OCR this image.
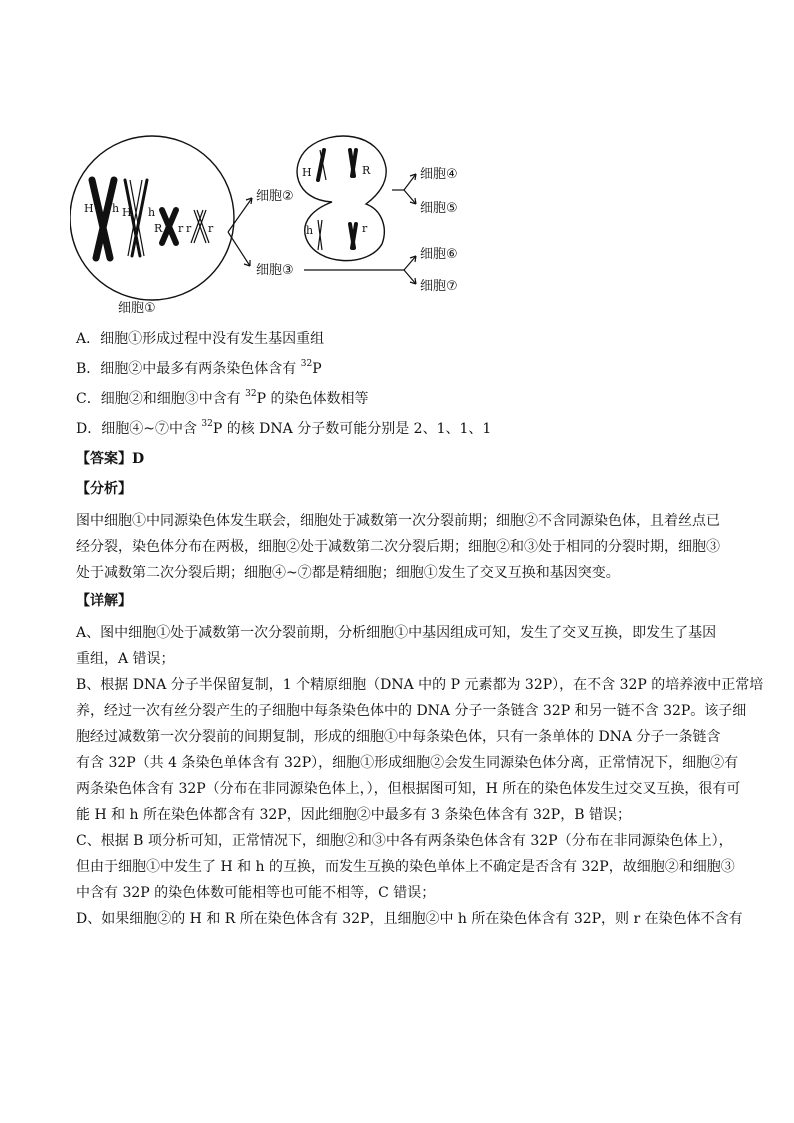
H h H h
R r r r
细胞①
细胞②
细胞③
H	R
h	r
细胞④
细胞⑤
细胞⑥
细胞⑦
A．细胞①形成过程中没有发生基因重组
B．细胞②中最多有两条染色体含有 $^{32}$P
C．细胞②和细胞③中含有 $^{32}$P 的染色体数相等
D．细胞④~⑦中含 $^{32}$P 的核 DNA 分子数可能分别是 2、1、1、1
【答案】D
【分析】

图中细胞①中同源染色体发生联会，细胞处于减数第一次分裂前期；细胞②不含同源染色体，且着丝点已
经分裂，染色体分布在两极，细胞②处于减数第二次分裂后期；细胞②和③处于相同的分裂时期，细胞③
处于减数第二次分裂后期；细胞④~⑦都是精细胞；细胞①发生了交叉互换和基因突变。

【详解】

A、图中细胞①处于减数第一次分裂前期，分析细胞①中基因组成可知，发生了交叉互换，即发生了基因
重组，A 错误；

B、根据 DNA 分子半保留复制，1 个精原细胞（DNA 中的 P 元素都为 32P），在不含 32P 的培养液中正常培
养，经过一次有丝分裂产生的子细胞中每条染色体中的 DNA 分子一条链含 32P 和另一链不含 32P。该子细
胞经过减数第一次分裂前的间期复制，形成的细胞①中每条染色体，只有一条单体的 DNA 分子一条链含
有含 32P（共 4 条染色单体含有 32P），细胞①形成细胞②会发生同源染色体分离，正常情况下，细胞②有
两条染色体含有 32P（分布在非同源染色体上，），但根据图可知，H 所在的染色体发生过交叉互换，很有可
能 H 和 h 所在染色体都含有 32P，因此细胞②中最多有 3 条染色体含有 32P，B 错误；

C、根据 B 项分析可知，正常情况下，细胞②和③中各有两条染色体含有 32P（分布在非同源染色体上），
但由于细胞①中发生了 H 和 h 的互换，而发生互换的染色单体上不确定是否含有 32P，故细胞②和细胞③
中含有 32P 的染色体数可能相等也可能不相等，C 错误；

D、如果细胞②的 H 和 R 所在染色体含有 32P，且细胞②中 h 所在染色体含有 32P，则 r 在染色体不含有
